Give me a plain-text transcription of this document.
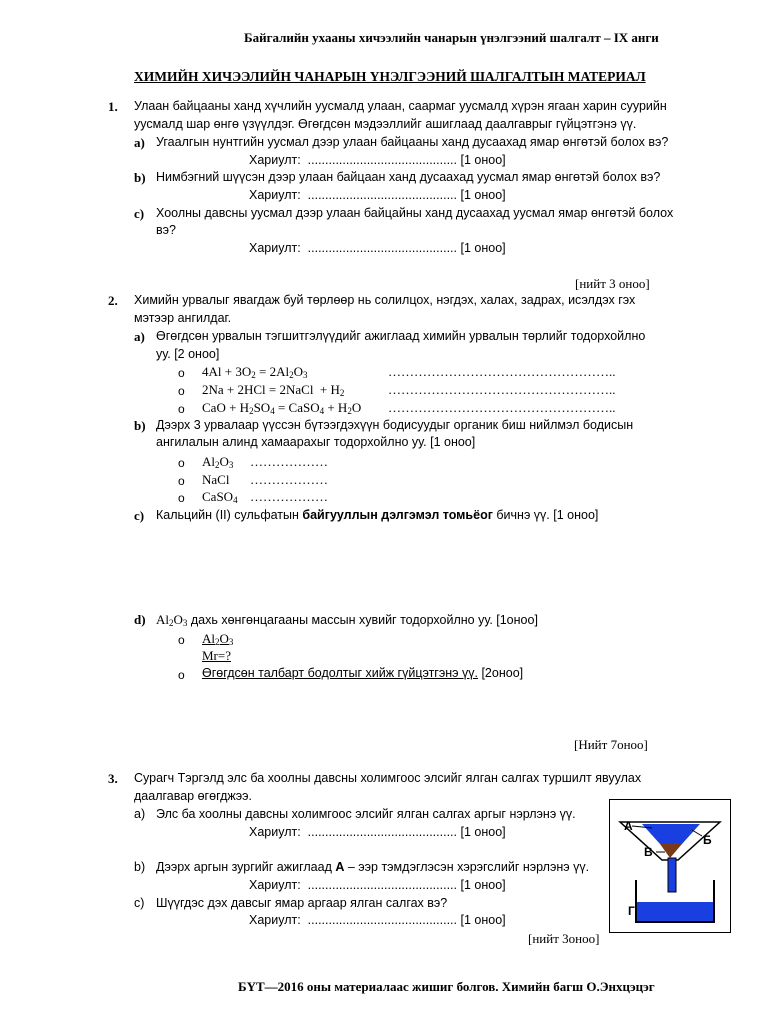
Байгалийн ухааны хичээлийн чанарын үнэлгээний шалгалт – IX анги
ХИМИЙН ХИЧЭЭЛИЙН ЧАНАРЫН ҮНЭЛГЭЭНИЙ ШАЛГАЛТЫН МАТЕРИАЛ
1. Улаан байцааны ханд хүчлийн уусмалд улаан, саармаг уусмалд хүрэн ягаан харин суурийн
уусмалд шар өнгө үзүүлдэг. Өгөгдсөн мэдээллийг ашиглаад даалгаврыг гүйцэтгэнэ үү.
a) Угаалгын нунтгийн уусмал дээр улаан байцааны ханд дусаахад ямар өнгөтэй болох вэ?
Хариулт: ........................................... [1 оноо]
b) Нимбэгний шүүсэн дээр улаан байцаан ханд дусаахад уусмал ямар өнгөтэй болох вэ?
Хариулт: ........................................... [1 оноо]
c) Хоолны давсны уусмал дээр улаан байцайны ханд дусаахад уусмал ямар өнгөтэй болох
вэ?
Хариулт: ........................................... [1 оноо]
[нийт 3 оноо]
2. Химийн урвалыг явагдаж буй төрлөөр нь солилцох, нэгдэх, халах, задрах, исэлдэх гэх
мэтээр ангилдаг.
a) Өгөгдсөн урвалын тэгшитгэлүүдийг ажиглаад химийн урвалын төрлийг тодорхойлно
уу. [2 оноо]
o $4Al + 3O_2 = 2Al_2O_3$	……………………………………………..
o 2Na + 2HCl = 2NaCl  + $H_2$	……………………………………………..
o CaO + $H_2SO_4$ = CaSO$_4$ + $H_2O$ ……………………………………………..
b) Дээрх 3 урвалаар үүссэн бүтээгдэхүүн бодисуудыг органик биш нийлмэл бодисын
ангилалын алинд хамаарахыг тодорхойлно уу. [1 оноо]
o $Al_2O_3$ ………………
o NaCl ………………
o CaSO$_4$ ………………
c) Кальцийн (II) сульфатын байгууллын дэлгэмэл томьёог бичнэ үү. [1 оноо]
d) $Al_2O_3$ дахь хөнгөнцагааны массын хувийг тодорхойлно уу. [1оноо]
o $Al_2O_3$
Mr=?
o Өгөгдсөн талбарт бодолтыг хийж гүйцэтгэнэ үү. [2оноо]
[Нийт 7оноо]
3. Сурагч Тэргэлд элс ба хоолны давсны холимгоос элсийг ялган салгах туршилт явуулах
даалгавар өгөгджээ.
a) Элс ба хоолны давсны холимгоос элсийг ялган салгах аргыг нэрлэнэ үү.
Хариулт: ........................................... [1 оноо]
b) Дээрх аргын зургийг ажиглаад А – ээр тэмдэглэсэн хэрэгслийг нэрлэнэ үү.
Хариулт: ........................................... [1 оноо]
c) Шүүгдэс дэх давсыг ямар аргаар ялган салгах вэ?
Хариулт: ........................................... [1 оноо]
[нийт 3оноо]
А
Б
В
Г
БҮТ—2016 оны материалаас жишиг болгов. Химийн багш О.Энхцэцэг
